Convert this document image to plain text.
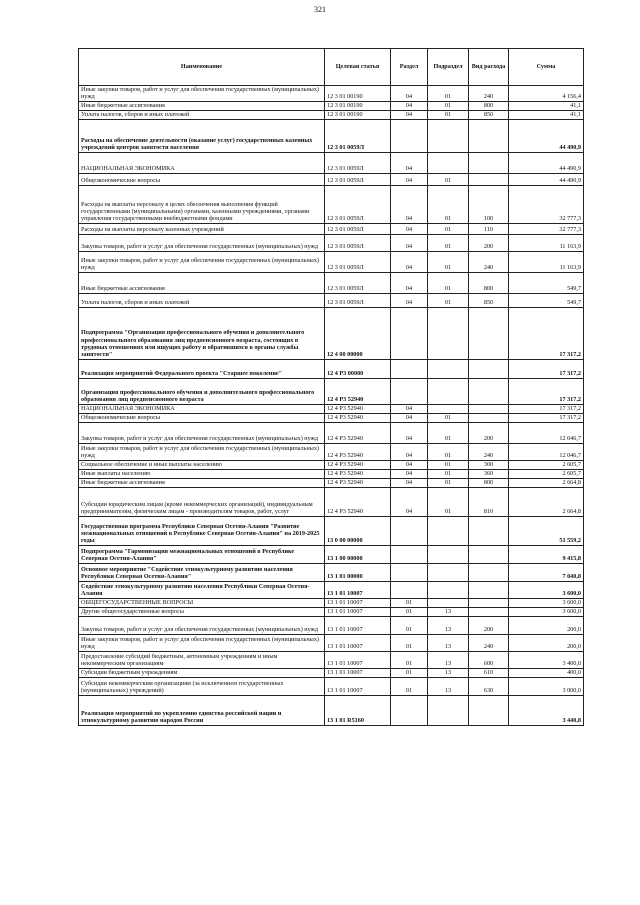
321
Наименование	Целевая статья	Раздел	Подраздел	Вид расхода	Сумма
Иные закупки товаров, работ и услуг для обеспечения государственных (муниципальных) нужд	12 3 01 00190	04	01	240	4 156,4
Иные бюджетные ассигнования	12 3 01 00190	04	01	800	41,1
Уплата налогов, сборов и иных платежей	12 3 01 00190	04	01	850	41,1
Расходы на обеспечение деятельности (оказание услуг) государственных казенных учреждений центров занятости населения	12 3 01 0059Л				44 490,9
НАЦИОНАЛЬНАЯ ЭКОНОМИКА	12 3 01 0059Л	04			44 490,9
Общеэкономические вопросы	12 3 01 0059Л	04	01		44 490,9
Расходы на выплаты персоналу в целях обеспечения выполнения функций государственными (муниципальными) органами, казенными учреждениями, органами управления государственными внебюджетными фондами	12 3 01 0059Л	04	01	100	32 777,3
Расходы на выплаты персоналу казенных учреждений	12 3 01 0059Л	04	01	110	32 777,3
Закупка товаров, работ и услуг для обеспечения государственных (муниципальных) нужд	12 3 01 0059Л	04	01	200	11 163,9
Иные закупки товаров, работ и услуг для обеспечения государственных (муниципальных) нужд	12 3 01 0059Л	04	01	240	11 163,9
Иные бюджетные ассигнования	12 3 01 0059Л	04	01	800	549,7
Уплата налогов, сборов и иных платежей	12 3 01 0059Л	04	01	850	549,7
Подпрограмма "Организация профессионального обучения и дополнительного профессионального образования лиц предпенсионного возраста, состоящих в трудовых отношениях или ищущих работу и обратившихся в органы службы занятости"	12 4 00 00000				17 317,2
Реализация мероприятий Федерального проекта "Старшее поколение"	12 4 P3 00000				17 317,2
Организация профессионального обучения и дополнительного профессионального образования лиц предпенсионного возраста	12 4 P3 52940				17 317,2
НАЦИОНАЛЬНАЯ ЭКОНОМИКА	12 4 P3 52940	04			17 317,2
Общеэкономические вопросы	12 4 P3 52940	04	01		17 317,2
Закупка товаров, работ и услуг для обеспечения государственных (муниципальных) нужд	12 4 P3 52940	04	01	200	12 046,7
Иные закупки товаров, работ и услуг для обеспечения государственных (муниципальных) нужд	12 4 P3 52940	04	01	240	12 046,7
Социальное обеспечение и иные выплаты населению	12 4 P3 52940	04	01	300	2 605,7
Иные выплаты населению	12 4 P3 52940	04	01	360	2 605,7
Иные бюджетные ассигнования	12 4 P3 52940	04	01	800	2 664,8
Субсидии юридическим лицам (кроме некоммерческих организаций), индивидуальным предпринимателям, физическим лицам - производителям товаров, работ, услуг	12 4 P3 52940	04	01	810	2 664,8
Государственная программа Республики Северная Осетия-Алания "Развитие межнациональных отношений в Республике Северная Осетия-Алания" на 2019-2025 годы	13 0 00 00000				51 559,2
Подпрограмма "Гармонизация межнациональных отношений в Республике Северная Осетия-Алания"	13 1 00 00000				9 415,8
Основное мероприятие "Содействие этнокультурному развитию населения Республики Северная Осетия-Алания"	13 1 01 00000				7 040,8
Содействие этнокультурному развитию населения Республики Северная Осетия-Алания	13 1 01 10007				3 600,0
ОБЩЕГОСУДАРСТВЕННЫЕ ВОПРОСЫ	13 1 01 10007	01			3 600,0
Другие общегосударственные вопросы	13 1 01 10007	01	13		3 600,0
Закупка товаров, работ и услуг для обеспечения государственных (муниципальных) нужд	13 1 01 10007	01	13	200	200,0
Иные закупки товаров, работ и услуг для обеспечения государственных (муниципальных) нужд	13 1 01 10007	01	13	240	200,0
Предоставление субсидий бюджетным, автономным учреждениям и иным некоммерческим организациям	13 1 01 10007	01	13	600	3 400,0
Субсидии бюджетным учреждениям	13 1 01 10007	01	13	610	400,0
Субсидии некоммерческим организациям (за исключением государственных (муниципальных) учреждений)	13 1 01 10007	01	13	630	3 000,0
Реализация мероприятий по укреплению единства российской нации и этнокультурному развитию народов России	13 1 01 R5160				3 440,8
